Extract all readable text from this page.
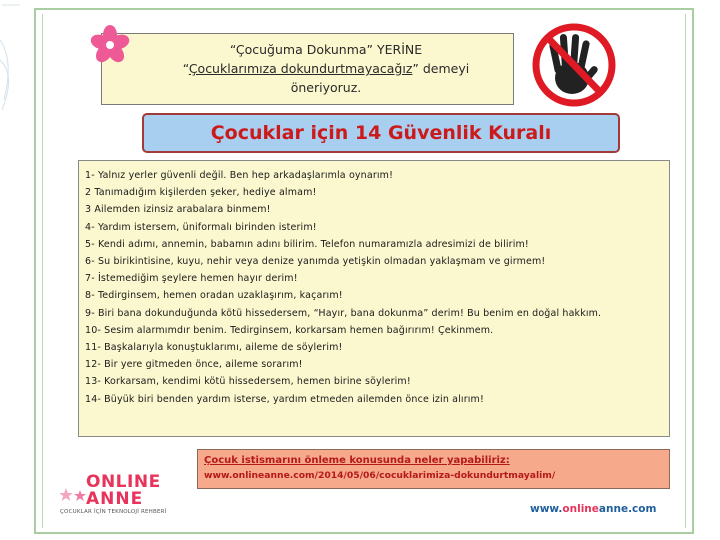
“Çocuğuma Dokunma” YERİNE
“Çocuklarımıza dokundurtmayacağız” demeyi
öneriyoruz.
Çocuklar için 14 Güvenlik Kuralı
1- Yalnız yerler güvenli değil. Ben hep arkadaşlarımla oynarım!
2 Tanımadığım kişilerden şeker, hediye almam!
3 Ailemden izinsiz arabalara binmem!
4- Yardım istersem, üniformalı birinden isterim!
5- Kendi adımı, annemin, babamın adını bilirim. Telefon numaramızla adresimizi de bilirim!
6- Su birikintisine, kuyu, nehir veya denize yanımda yetişkin olmadan yaklaşmam ve girmem!
7- İstemediğim şeylere hemen hayır derim!
8- Tedirginsem, hemen oradan uzaklaşırım, kaçarım!
9- Biri bana dokunduğunda kötü hissedersem, “Hayır, bana dokunma” derim! Bu benim en doğal hakkım.
10- Sesim alarmımdır benim. Tedirginsem, korkarsam hemen bağırırım! Çekinmem.
11- Başkalarıyla konuştuklarımı, aileme de söylerim!
12- Bir yere gitmeden önce, aileme sorarım!
13- Korkarsam, kendimi kötü hissedersem, hemen birine söylerim!
14- Büyük biri benden yardım isterse, yardım etmeden ailemden önce izin alırım!
Çocuk istismarını önleme konusunda neler yapabiliriz:
www.onlineanne.com/2014/05/06/cocuklarimiza-dokundurtmayalim/
ONLINE
ANNE
ÇOCUKLAR İÇİN TEKNOLOJİ REHBERİ	www.onlineanne.com
